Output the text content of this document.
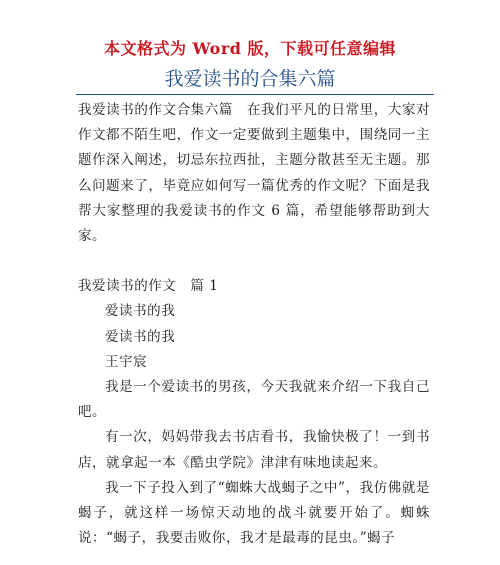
本文格式为 Word 版，下载可任意编辑
我爱读书的合集六篇

我爱读书的作文合集六篇　在我们平凡的日常里，大家对作文都不陌生吧，作文一定要做到主题集中，围绕同一主题作深入阐述，切忌东拉西扯，主题分散甚至无主题。那么问题来了，毕竟应如何写一篇优秀的作文呢？下面是我帮大家整理的我爱读书的作文 6 篇，希望能够帮助到大家。

我爱读书的作文　篇 1

爱读书的我

爱读书的我

王宇宸

我是一个爱读书的男孩，今天我就来介绍一下我自己吧。

有一次，妈妈带我去书店看书，我愉快极了！一到书店，就拿起一本《酷虫学院》津津有味地读起来。

我一下子投入到了“蜘蛛大战蝎子之中”，我仿佛就是蝎子，就这样一场惊天动地的战斗就要开始了。蜘蛛说：“蝎子，我要击败你，我才是最毒的昆虫。”蝎子
